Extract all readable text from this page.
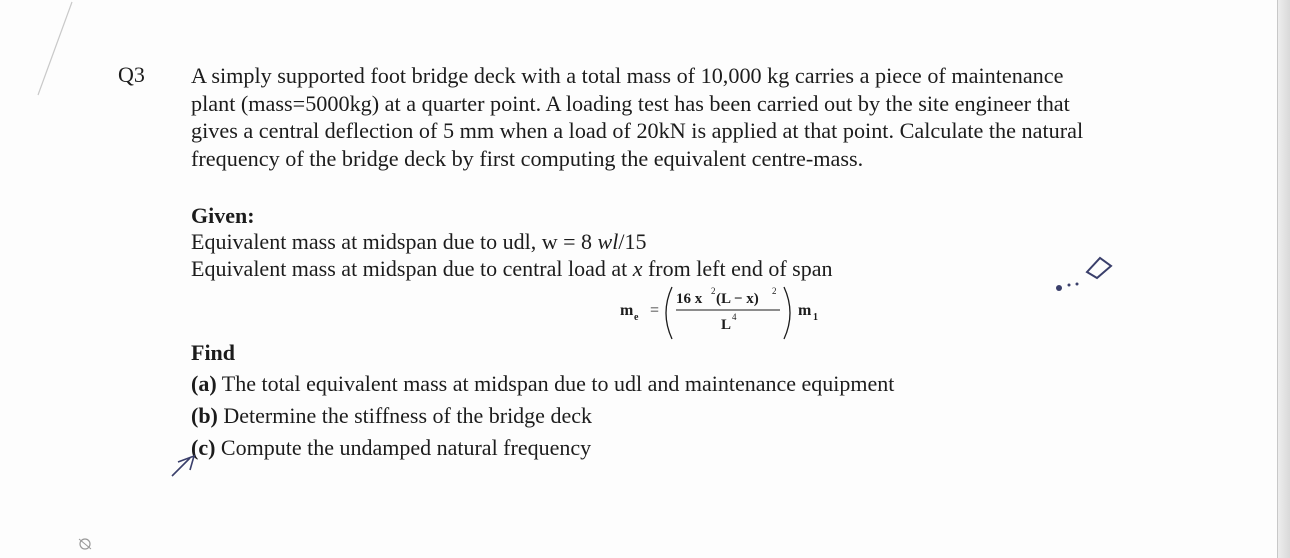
Q3 A simply supported foot bridge deck with a total mass of 10,000 kg carries a piece of maintenance
plant (mass=5000kg) at a quarter point. A loading test has been carried out by the site engineer that
gives a central deflection of 5 mm when a load of 20kN is applied at that point. Calculate the natural
frequency of the bridge deck by first computing the equivalent centre-mass.
Given:
Equivalent mass at midspan due to udl, w = 8 wl/15
Equivalent mass at midspan due to central load at x from left end of span
m e =
16 x 2 (L − x) 2
L 4	m 1
Find
(a) The total equivalent mass at midspan due to udl and maintenance equipment
(b) Determine the stiffness of the bridge deck
(c) Compute the undamped natural frequency
